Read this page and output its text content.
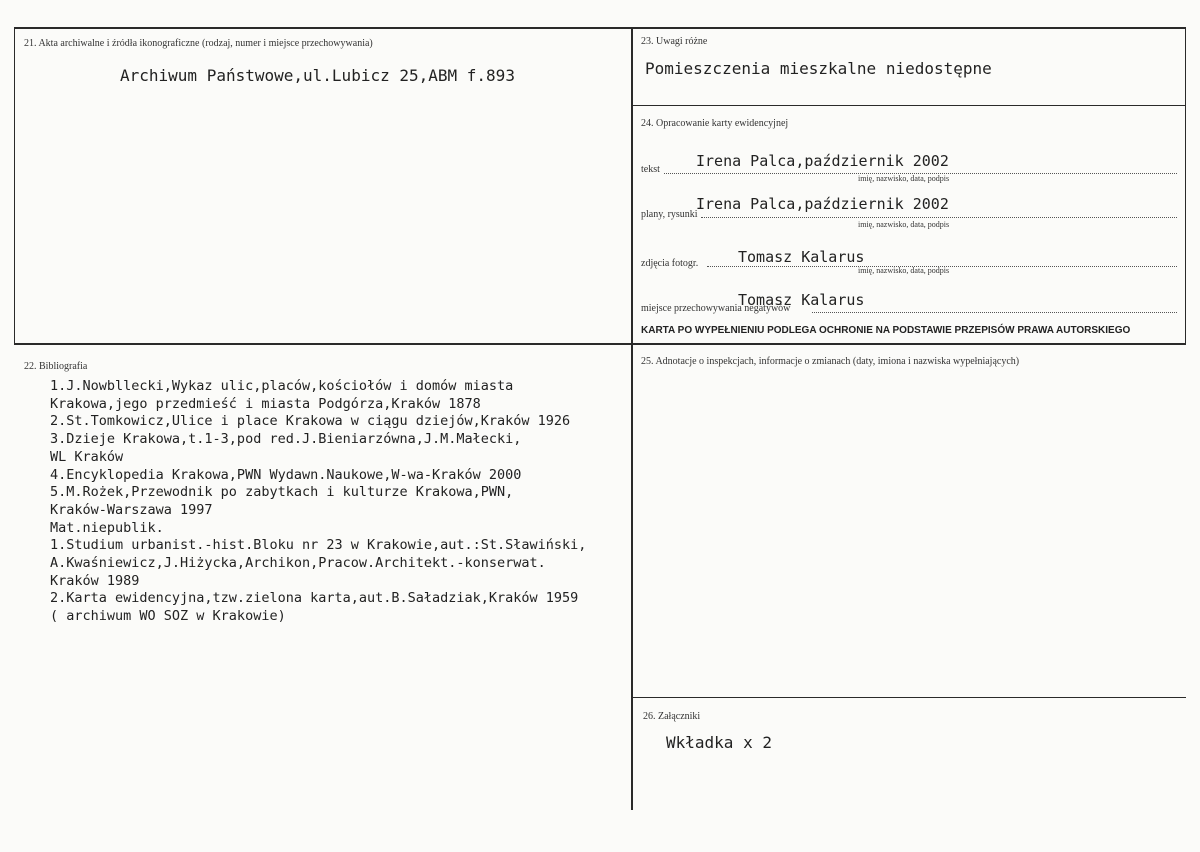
21. Akta archiwalne i źródła ikonograficzne (rodzaj, numer i miejsce przechowywania)
Archiwum Państwowe,ul.Lubicz 25,ABM f.893
23. Uwagi różne
Pomieszczenia mieszkalne niedostępne
24. Opracowanie karty ewidencyjnej
tekst Irena Palca,październik 2002
imię, nazwisko, data, podpis
plany, rysunki
Irena Palca,październik 2002
imię, nazwisko, data, podpis
zdjęcia fotogr.	Tomasz Kalarus
imię, nazwisko, data, podpis
miejsce przechowywania negatywów
Tomasz Kalarus
KARTA PO WYPEŁNIENIU PODLEGA OCHRONIE NA PODSTAWIE PRZEPISÓW PRAWA AUTORSKIEGO
22. Bibliografia
1.J.Nowbllecki,Wykaz ulic,placów,kościołów i domów miasta
Krakowa,jego przedmieść i miasta Podgórza,Kraków 1878
2.St.Tomkowicz,Ulice i place Krakowa w ciągu dziejów,Kraków 1926
3.Dzieje Krakowa,t.1-3,pod red.J.Bieniarzówna,J.M.Małecki,
WL Kraków
4.Encyklopedia Krakowa,PWN Wydawn.Naukowe,W-wa-Kraków 2000
5.M.Rożek,Przewodnik po zabytkach i kulturze Krakowa,PWN,
Kraków-Warszawa 1997
Mat.niepublik.
1.Studium urbanist.-hist.Bloku nr 23 w Krakowie,aut.:St.Sławiński,
A.Kwaśniewicz,J.Hiżycka,Archikon,Pracow.Architekt.-konserwat.
Kraków 1989
2.Karta ewidencyjna,tzw.zielona karta,aut.B.Saładziak,Kraków 1959
( archiwum WO SOZ w Krakowie)
25. Adnotacje o inspekcjach, informacje o zmianach (daty, imiona i nazwiska wypełniających)
26. Załączniki
Wkładka x 2
